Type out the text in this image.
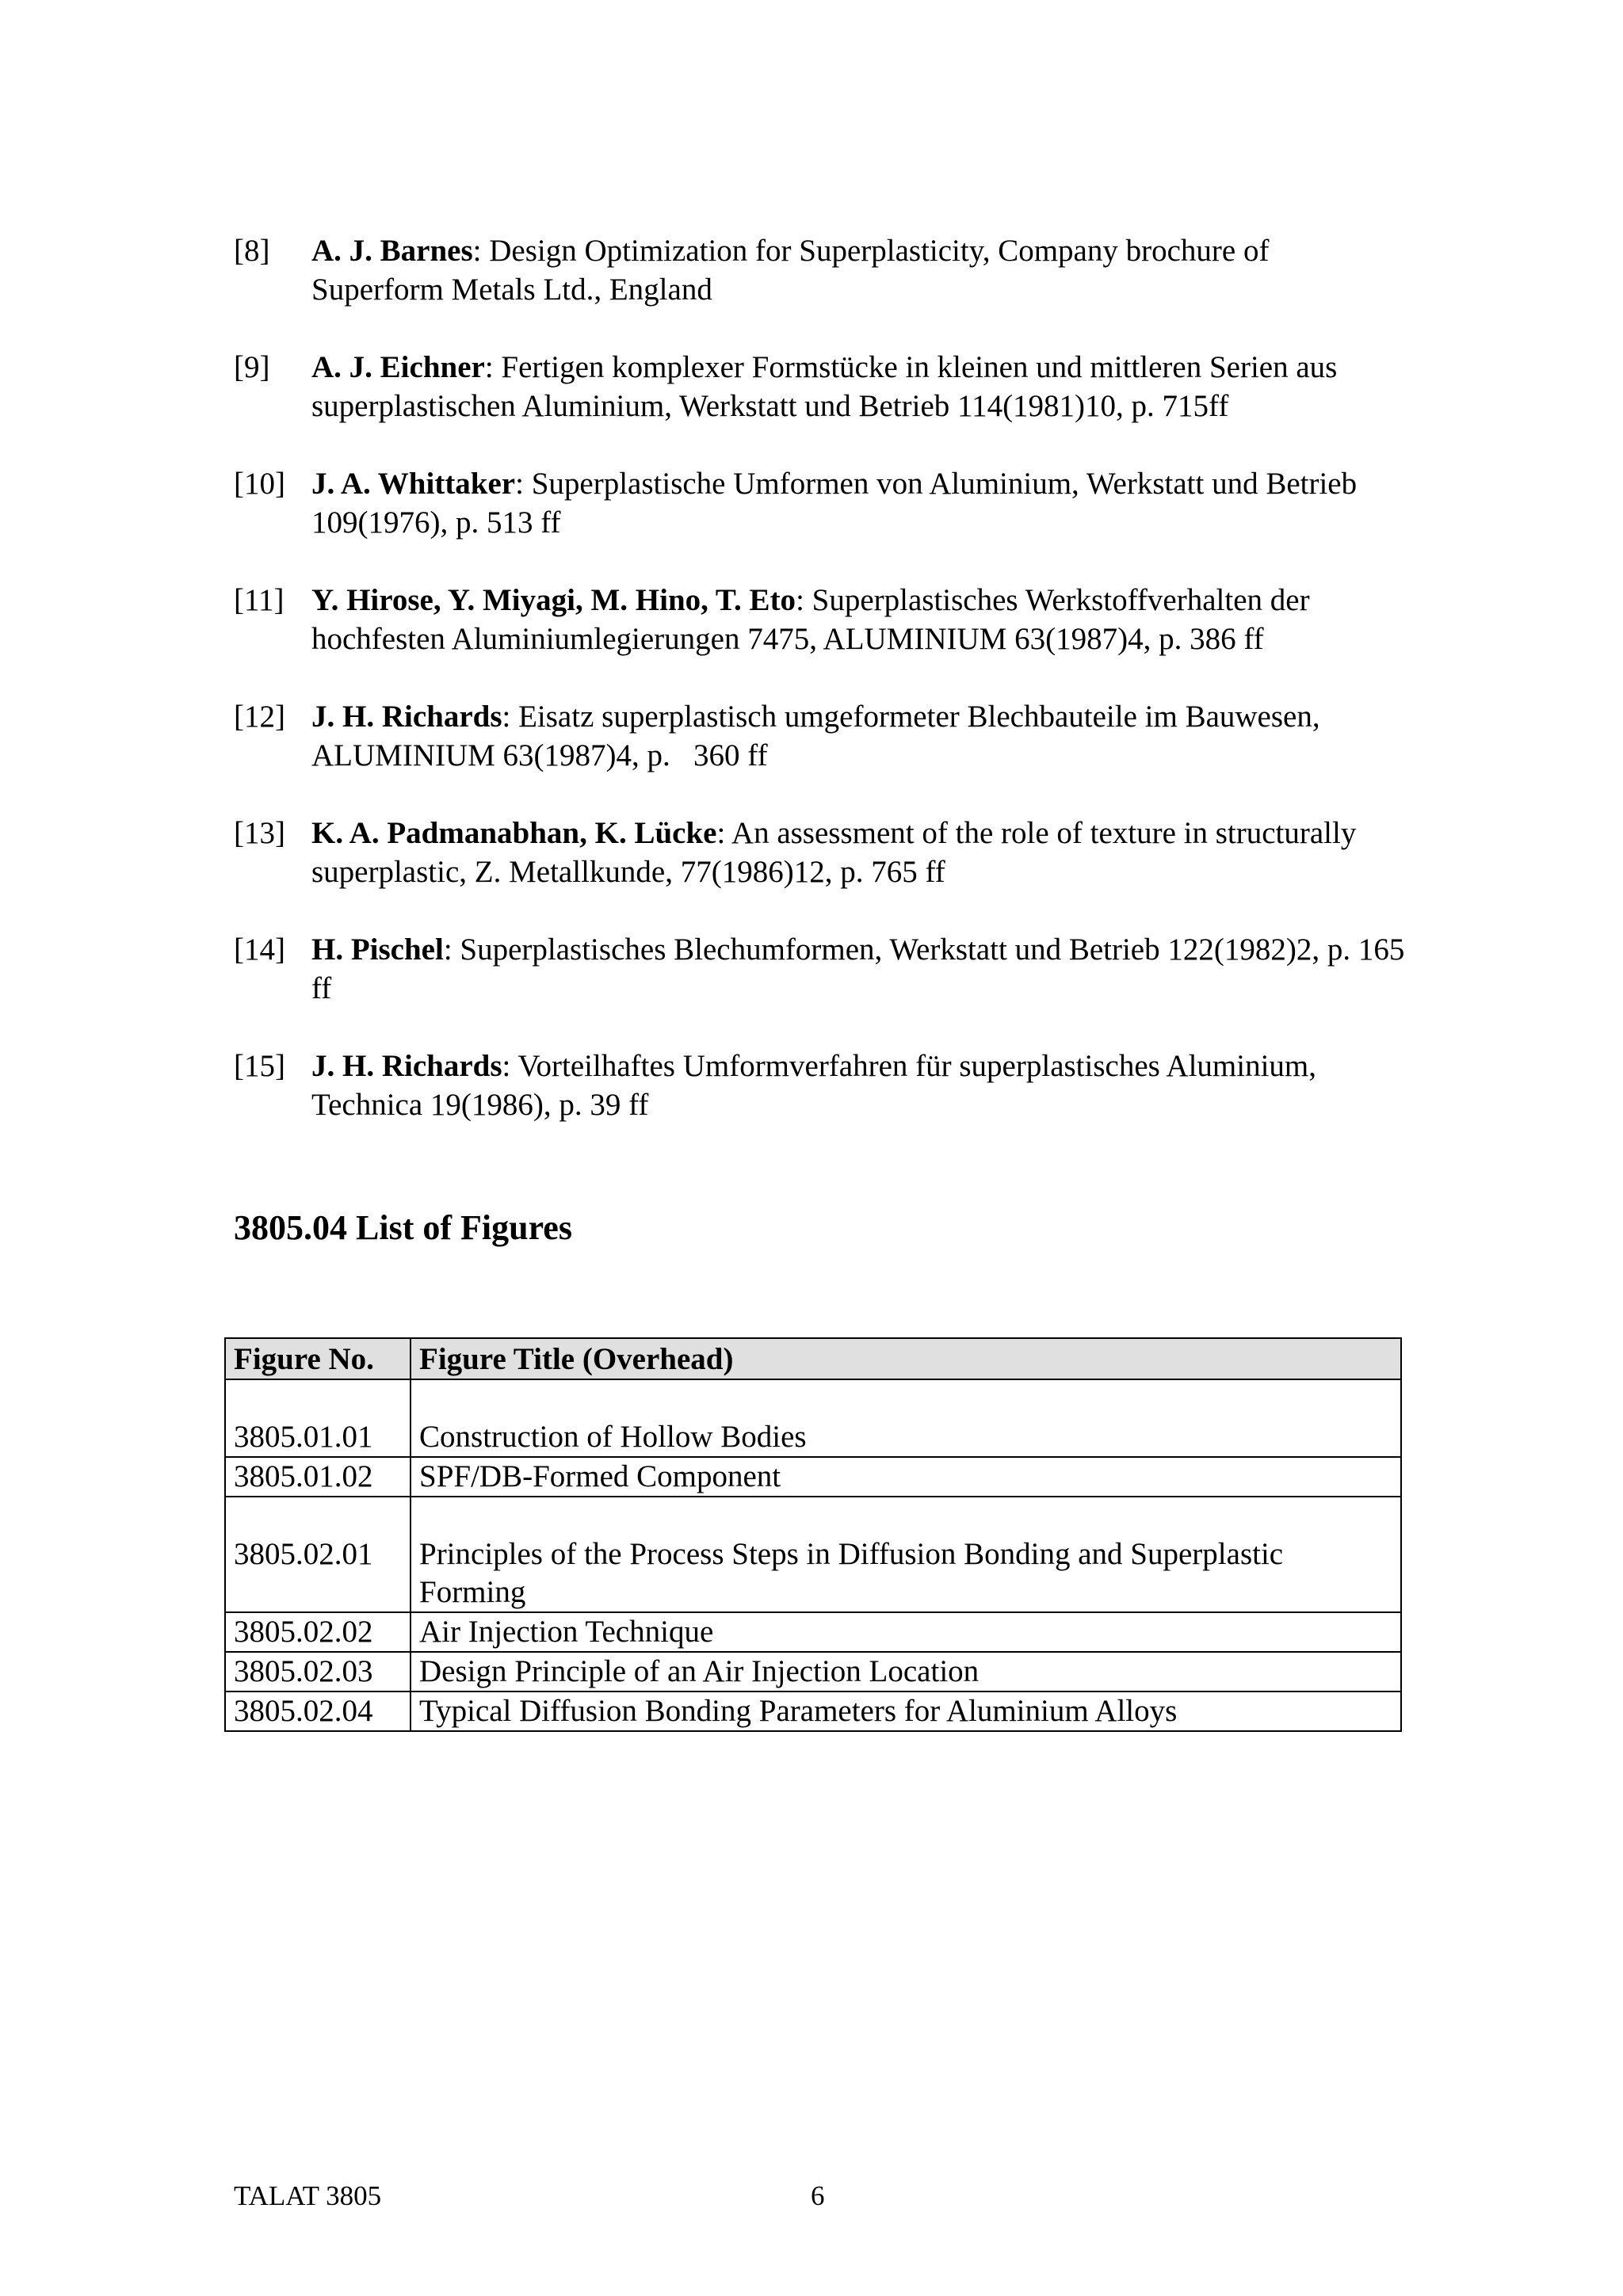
[8]	A. J. Barnes: Design Optimization for Superplasticity, Company brochure of Superform Metals Ltd., England
[9]	A. J. Eichner: Fertigen komplexer Formstücke in kleinen und mittleren Serien aus superplastischen Aluminium, Werkstatt und Betrieb 114(1981)10, p. 715ff
[10] J. A. Whittaker: Superplastische Umformen von Aluminium, Werkstatt und Betrieb 109(1976), p. 513 ff
[11] Y. Hirose, Y. Miyagi, M. Hino, T. Eto: Superplastisches Werkstoffverhalten der hochfesten Aluminiumlegierungen 7475, ALUMINIUM 63(1987)4, p. 386 ff
[12] J. H. Richards: Eisatz superplastisch umgeformeter Blechbauteile im Bauwesen, ALUMINIUM 63(1987)4, p.   360 ff
[13] K. A. Padmanabhan, K. Lücke: An assessment of the role of texture in structurally superplastic, Z. Metallkunde, 77(1986)12, p. 765 ff
[14] H. Pischel: Superplastisches Blechumformen, Werkstatt und Betrieb 122(1982)2, p. 165 ff
[15] J. H. Richards: Vorteilhaftes Umformverfahren für superplastisches Aluminium, Technica 19(1986), p. 39 ff
3805.04 List of Figures
Figure No.	Figure Title (Overhead)
3805.01.01	Construction of Hollow Bodies
3805.01.02	SPF/DB-Formed Component
3805.02.01	Principles of the Process Steps in Diffusion Bonding and Superplastic Forming
3805.02.02	Air Injection Technique
3805.02.03	Design Principle of an Air Injection Location
3805.02.04	Typical Diffusion Bonding Parameters for Aluminium Alloys
TALAT 3805	6
